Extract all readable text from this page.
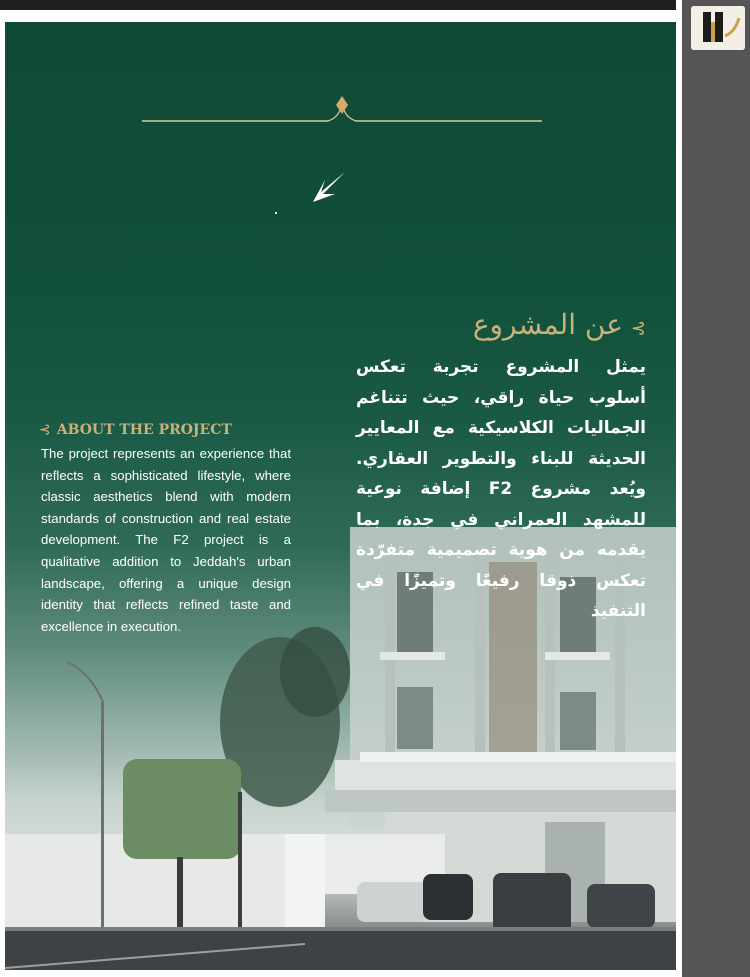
⊱عن المشروع
يمثل المشروع تجربة تعكس أسلوب حياة راقي، حيث تتناغم الجماليات الكلاسيكية مع المعايير الحديثة للبناء والتطوير العقاري. ويُعد مشروع F2 إضافة نوعية للمشهد العمراني في جدة، بما يقدمه من هوية تصميمية متفرّدة تعكس ذوقا رفيعًا وتميزًا في التنفيذ
⊰ ABOUT THE PROJECT
The project represents an experience that reflects a sophisticated lifestyle, where classic aesthetics blend with modern standards of construction and real estate development. The F2 project is a qualitative addition to Jeddah's urban landscape, offering a unique design identity that reflects refined taste and excellence in execution.
